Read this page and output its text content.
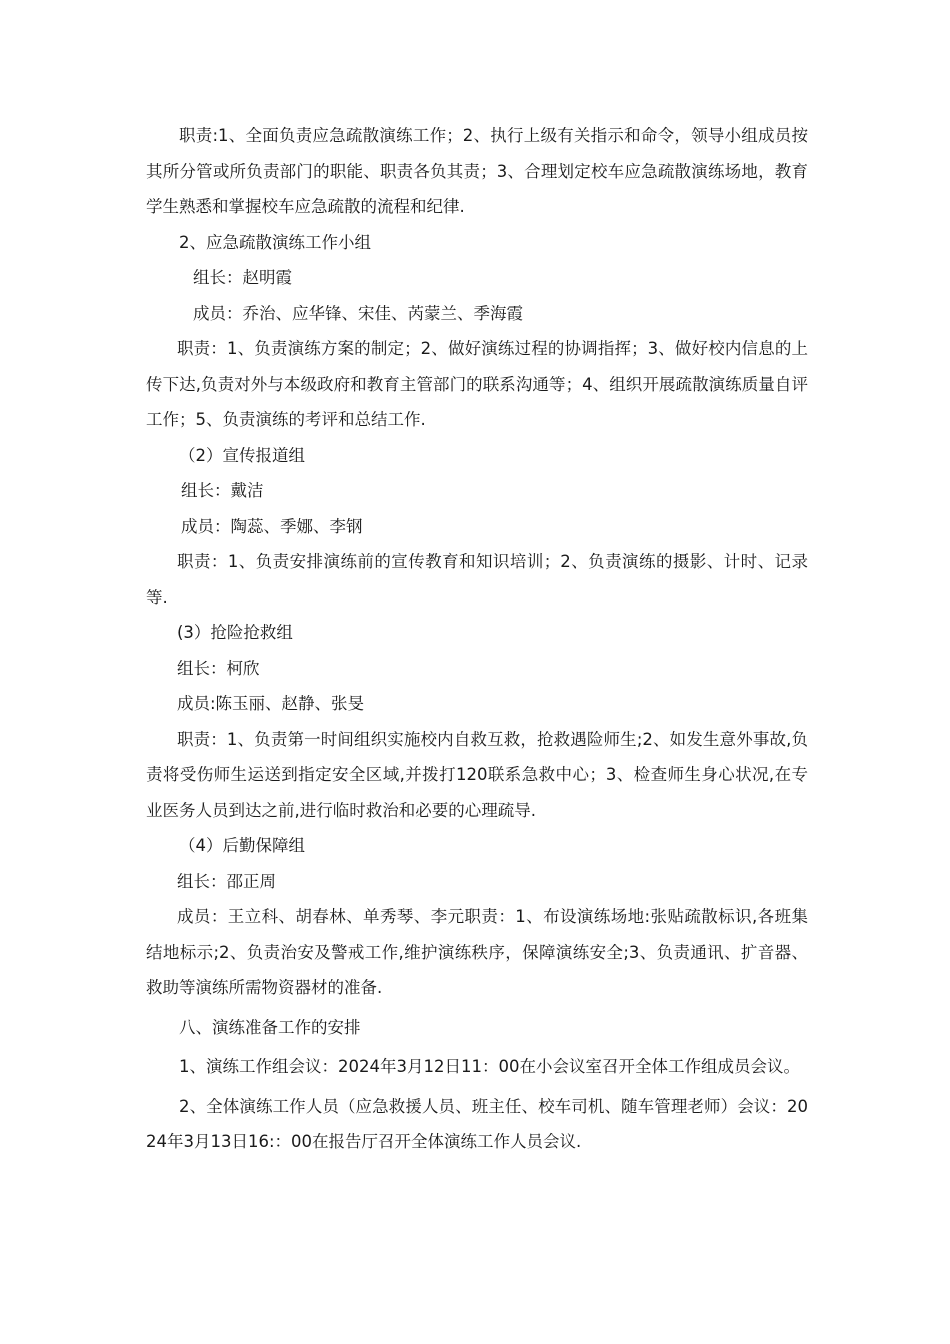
职责:1、全面负责应急疏散演练工作；2、执行上级有关指示和命令，领导小组成员按其所分管或所负责部门的职能、职责各负其责；3、合理划定校车应急疏散演练场地，教育学生熟悉和掌握校车应急疏散的流程和纪律.

2、应急疏散演练工作小组

组长：赵明霞

成员：乔治、应华锋、宋佳、芮蒙兰、季海霞

职责：1、负责演练方案的制定；2、做好演练过程的协调指挥；3、做好校内信息的上传下达,负责对外与本级政府和教育主管部门的联系沟通等；4、组织开展疏散演练质量自评工作；5、负责演练的考评和总结工作.

（2）宣传报道组

组长：戴洁

成员：陶蕊、季娜、李钢

职责：1、负责安排演练前的宣传教育和知识培训；2、负责演练的摄影、计时、记录等.

(3）抢险抢救组

组长：柯欣

成员:陈玉丽、赵静、张旻

职责：1、负责第一时间组织实施校内自救互救，抢救遇险师生;2、如发生意外事故,负责将受伤师生运送到指定安全区域,并拨打120联系急救中心；3、检查师生身心状况,在专业医务人员到达之前,进行临时救治和必要的心理疏导.

（4）后勤保障组

组长：邵正周

成员：王立科、胡春林、单秀琴、李元职责：1、布设演练场地:张贴疏散标识,各班集结地标示;2、负责治安及警戒工作,维护演练秩序，保障演练安全;3、负责通讯、扩音器、救助等演练所需物资器材的准备.

八、演练准备工作的安排

1、演练工作组会议：2024年3月12日11：00在小会议室召开全体工作组成员会议。

2、全体演练工作人员（应急救援人员、班主任、校车司机、随车管理老师）会议：2024年3月13日16:：00在报告厅召开全体演练工作人员会议.
